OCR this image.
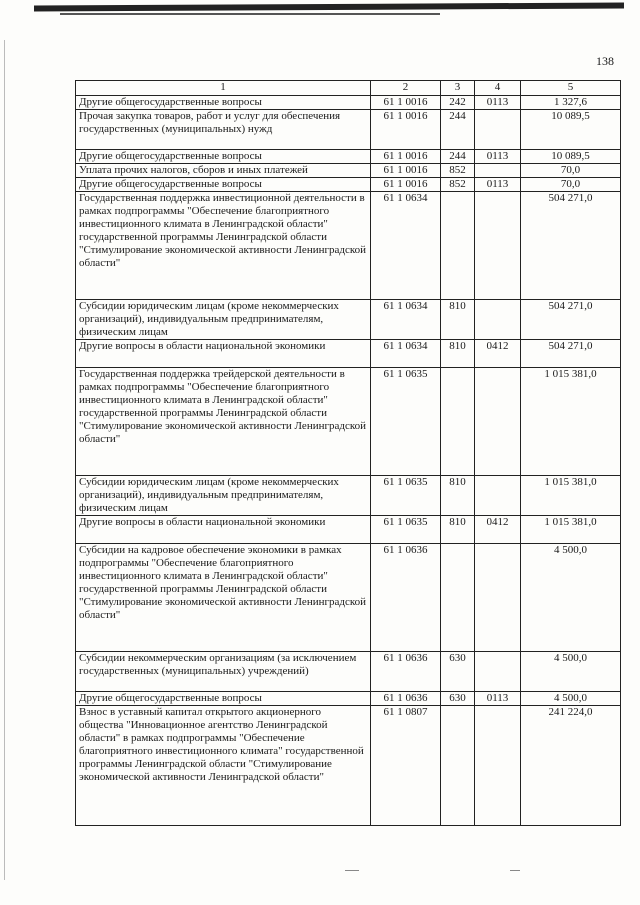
138
1	2	3	4	5
Другие общегосударственные вопросы	61 1 0016	242	0113	1 327,6
Прочая закупка товаров, работ и услуг для обеспечения государственных (муниципальных) нужд	61 1 0016	244		10 089,5
Другие общегосударственные вопросы	61 1 0016	244	0113	10 089,5
Уплата прочих налогов, сборов и иных платежей	61 1 0016	852		70,0
Другие общегосударственные вопросы	61 1 0016	852	0113	70,0
Государственная поддержка инвестиционной деятельности в рамках подпрограммы "Обеспечение благоприятного инвестиционного климата в Ленинградской области" государственной программы Ленинградской области "Стимулирование экономической активности Ленинградской области"	61 1 0634			504 271,0
Субсидии юридическим лицам (кроме некоммерческих организаций), индивидуальным предпринимателям, физическим лицам	61 1 0634	810		504 271,0
Другие вопросы в области национальной экономики	61 1 0634	810	0412	504 271,0
Государственная поддержка трейдерской деятельности в рамках подпрограммы "Обеспечение благоприятного инвестиционного климата в Ленинградской области" государственной программы Ленинградской области "Стимулирование экономической активности Ленинградской области"	61 1 0635			1 015 381,0
Субсидии юридическим лицам (кроме некоммерческих организаций), индивидуальным предпринимателям, физическим лицам	61 1 0635	810		1 015 381,0
Другие вопросы в области национальной экономики	61 1 0635	810	0412	1 015 381,0
Субсидии на кадровое обеспечение экономики в рамках подпрограммы "Обеспечение благоприятного инвестиционного климата в Ленинградской области" государственной программы Ленинградской области "Стимулирование экономической активности Ленинградской области"	61 1 0636			4 500,0
Субсидии некоммерческим организациям (за исключением государственных (муниципальных) учреждений)	61 1 0636	630		4 500,0
Другие общегосударственные вопросы	61 1 0636	630	0113	4 500,0
Взнос в уставный капитал открытого акционерного общества "Инновационное агентство Ленинградской области" в рамках подпрограммы "Обеспечение благоприятного инвестиционного климата" государственной программы Ленинградской области "Стимулирование экономической активности Ленинградской области"	61 1 0807			241 224,0
